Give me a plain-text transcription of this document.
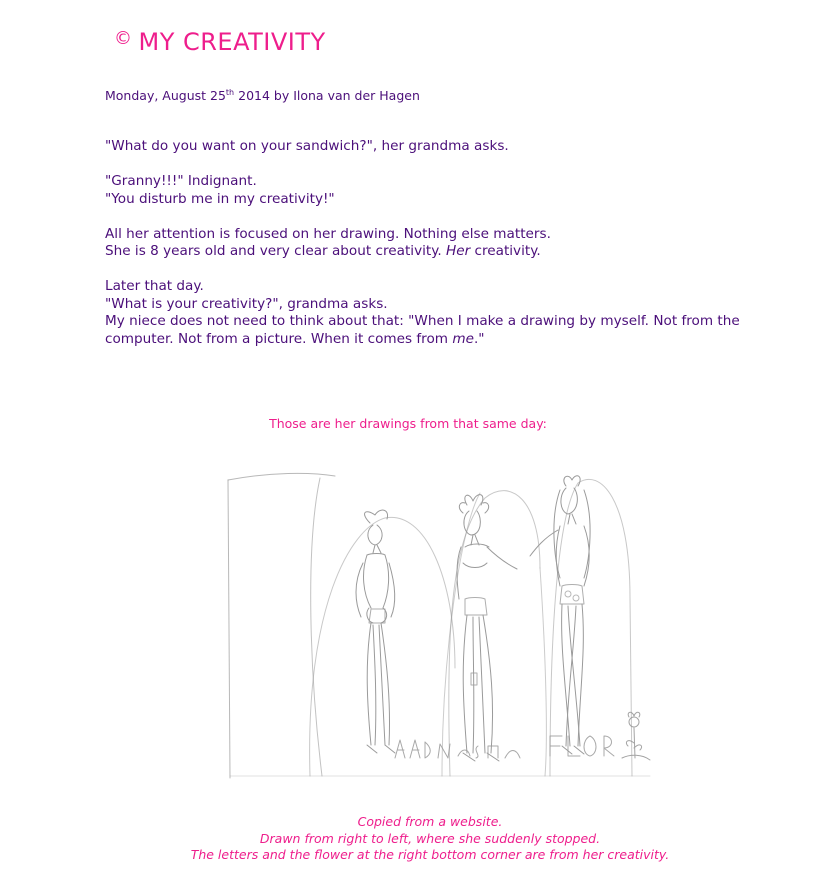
© MY CREATIVITY
Monday, August 25th 2014 by Ilona van der Hagen

"What do you want on your sandwich?", her grandma asks.

"Granny!!!" Indignant.
"You disturb me in my creativity!"

All her attention is focused on her drawing. Nothing else matters.
She is 8 years old and very clear about creativity. Her creativity.

Later that day.
"What is your creativity?", grandma asks.
My niece does not need to think about that: "When I make a drawing by myself. Not from the computer. Not from a picture. When it comes from me."

Those are her drawings from that same day:
FLOR
Copied from a website.
Drawn from right to left, where she suddenly stopped.
The letters and the flower at the right bottom corner are from her creativity.
